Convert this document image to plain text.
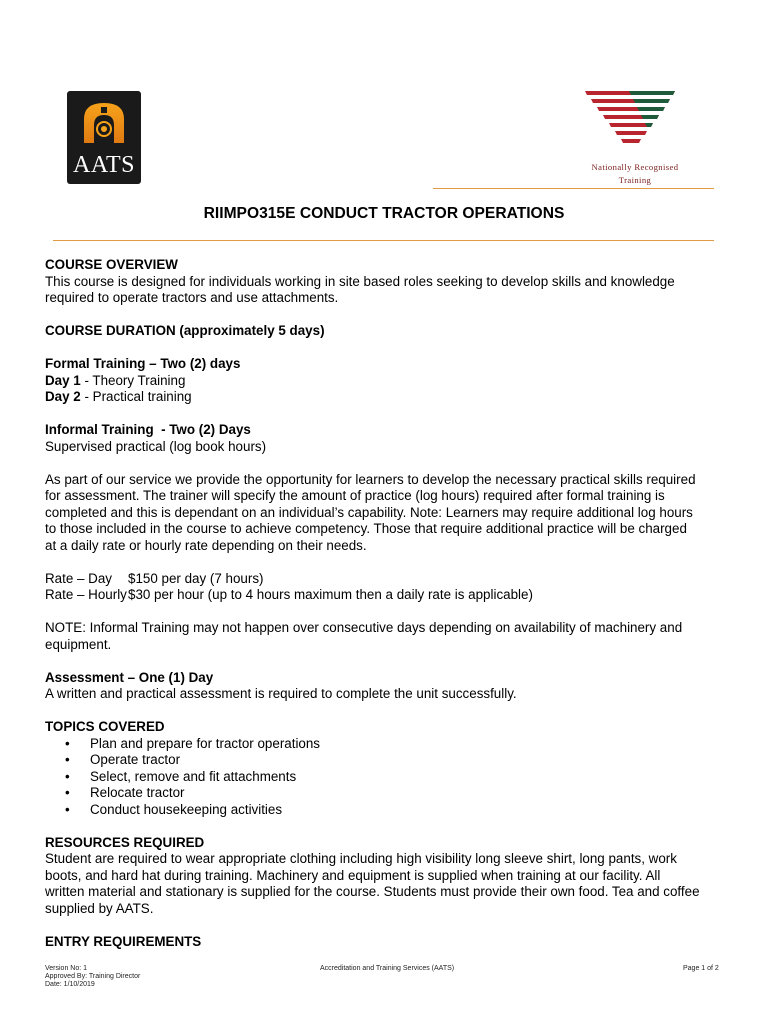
AATS	Nationally Recognised
Training
RIIMPO315E CONDUCT TRACTOR OPERATIONS

COURSE OVERVIEW

This course is designed for individuals working in site based roles seeking to develop skills and knowledge

required to operate tractors and use attachments.

COURSE DURATION (approximately 5 days)

Formal Training – Two (2) days

Day 1 - Theory Training

Day 2 - Practical training

Informal Training  - Two (2) Days

Supervised practical (log book hours)

As part of our service we provide the opportunity for learners to develop the necessary practical skills required

for assessment. The trainer will specify the amount of practice (log hours) required after formal training is

completed and this is dependant on an individual’s capability. Note: Learners may require additional log hours

to those included in the course to achieve competency. Those that require additional practice will be charged

at a daily rate or hourly rate depending on their needs.

Rate – Day $150 per day (7 hours)

Rate – Hourly$30 per hour (up to 4 hours maximum then a daily rate is applicable)

NOTE: Informal Training may not happen over consecutive days depending on availability of machinery and

equipment.

Assessment – One (1) Day

A written and practical assessment is required to complete the unit successfully.

TOPICS COVERED

• Plan and prepare for tractor operations
• Operate tractor
• Select, remove and fit attachments
• Relocate tractor
• Conduct housekeeping activities

RESOURCES REQUIRED

Student are required to wear appropriate clothing including high visibility long sleeve shirt, long pants, work

boots, and hard hat during training. Machinery and equipment is supplied when training at our facility. All

written material and stationary is supplied for the course. Students must provide their own food. Tea and coffee

supplied by AATS.

ENTRY REQUIREMENTS

Version No: 1
Approved By: Training Director
Date: 1/10/2019
Accreditation and Training Services (AATS)	Page 1 of 2
